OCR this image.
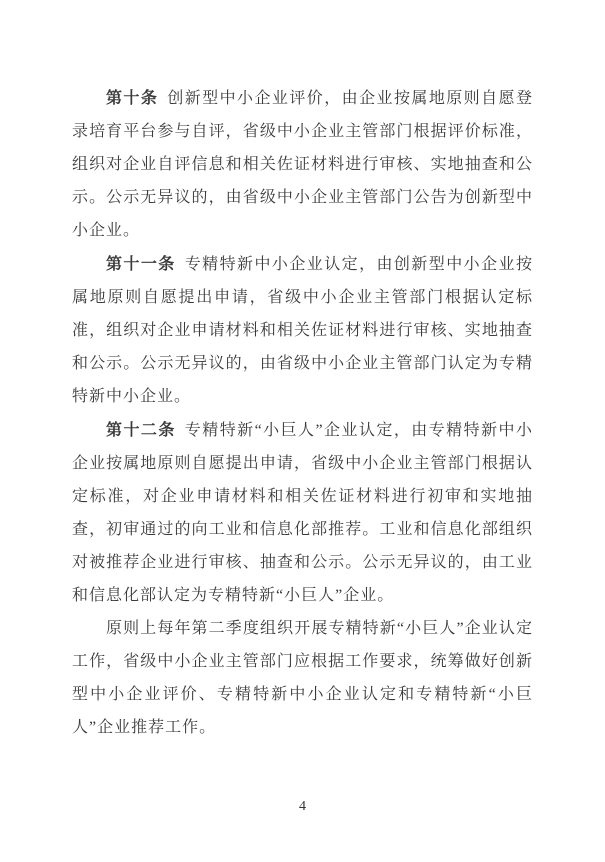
第十条 创新型中小企业评价，由企业按属地原则自愿登录培育平台参与自评，省级中小企业主管部门根据评价标准，组织对企业自评信息和相关佐证材料进行审核、实地抽查和公示。公示无异议的，由省级中小企业主管部门公告为创新型中小企业。

第十一条 专精特新中小企业认定，由创新型中小企业按属地原则自愿提出申请，省级中小企业主管部门根据认定标准，组织对企业申请材料和相关佐证材料进行审核、实地抽查和公示。公示无异议的，由省级中小企业主管部门认定为专精特新中小企业。

第十二条 专精特新“小巨人”企业认定，由专精特新中小企业按属地原则自愿提出申请，省级中小企业主管部门根据认定标准，对企业申请材料和相关佐证材料进行初审和实地抽查，初审通过的向工业和信息化部推荐。工业和信息化部组织对被推荐企业进行审核、抽查和公示。公示无异议的，由工业和信息化部认定为专精特新“小巨人”企业。

原则上每年第二季度组织开展专精特新“小巨人”企业认定工作，省级中小企业主管部门应根据工作要求，统筹做好创新型中小企业评价、专精特新中小企业认定和专精特新“小巨人”企业推荐工作。

4
